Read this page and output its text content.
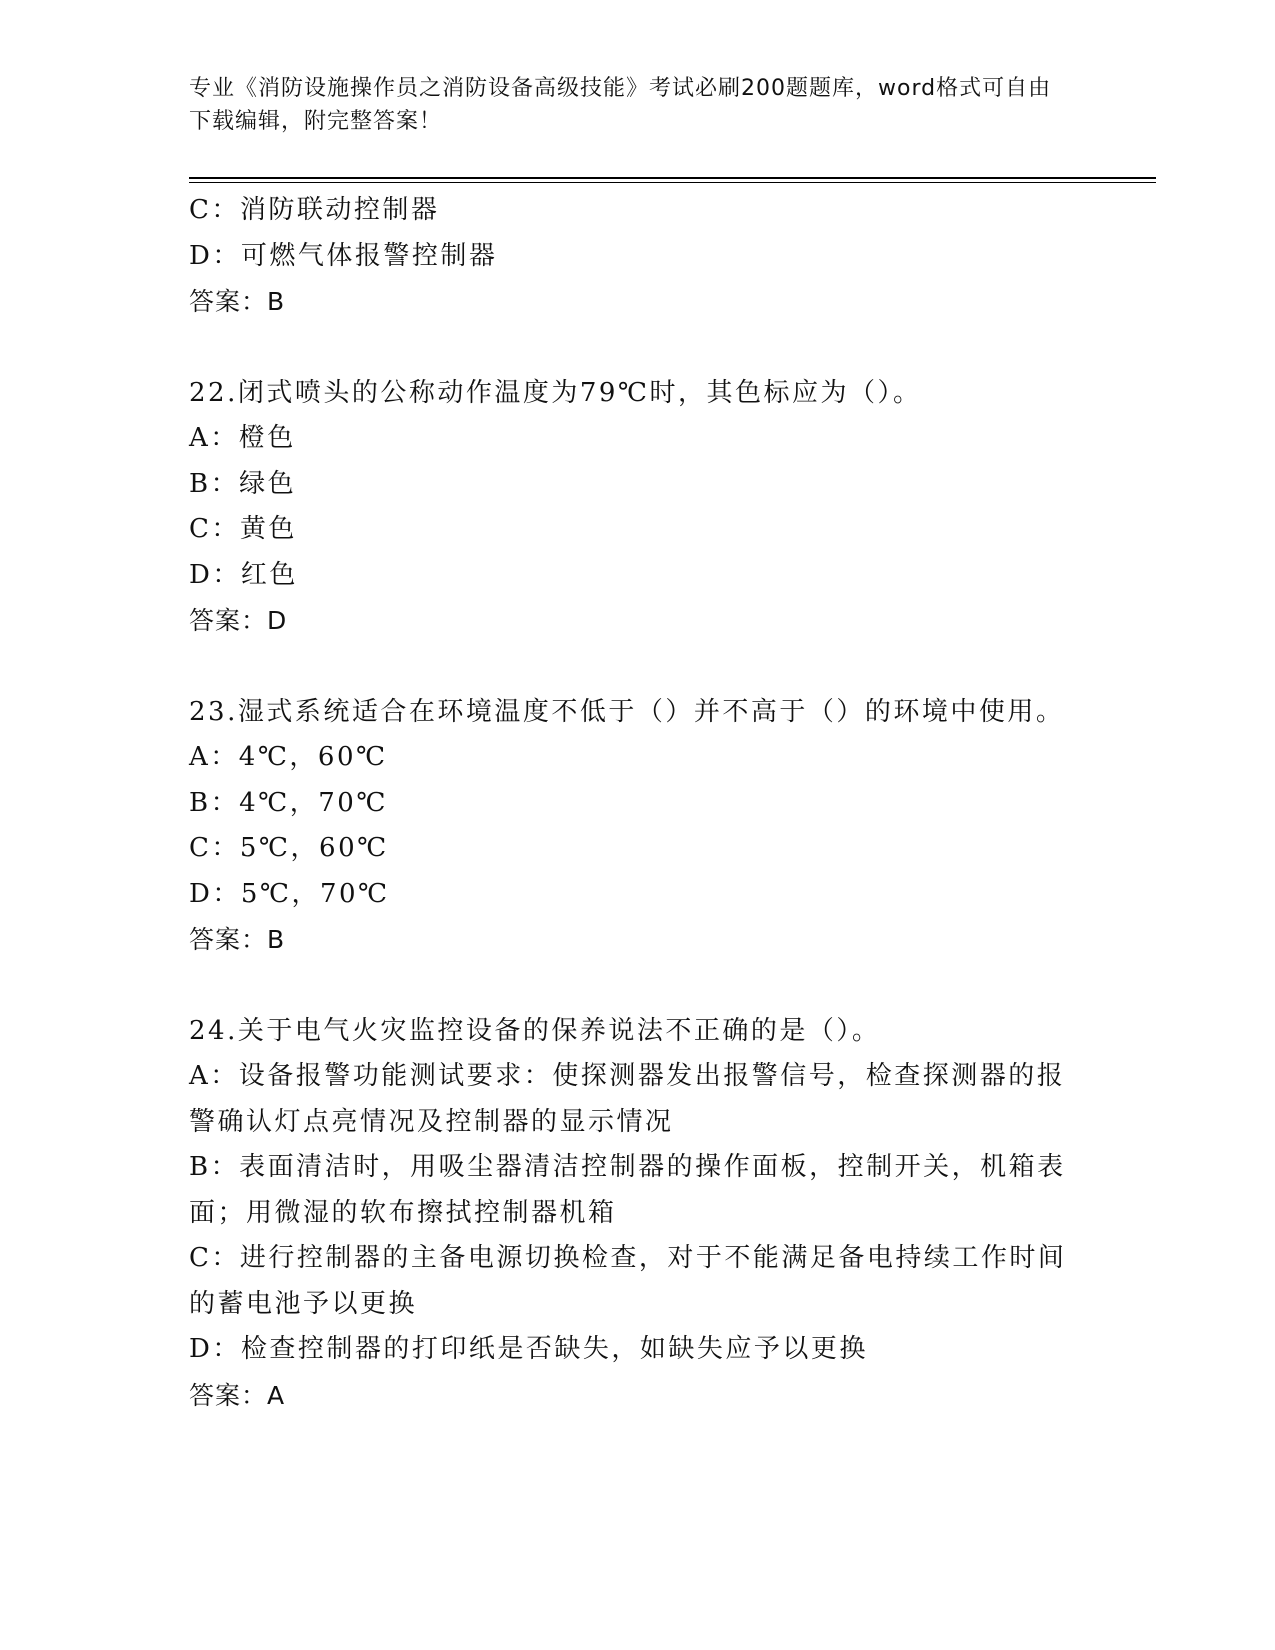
专业《消防设施操作员之消防设备高级技能》考试必刷200题题库，word格式可自由下载编辑，附完整答案！

C：消防联动控制器

D：可燃气体报警控制器

答案：B

22.闭式喷头的公称动作温度为79℃时，其色标应为（）。

A：橙色

B：绿色

C：黄色

D：红色

答案：D

23.湿式系统适合在环境温度不低于（）并不高于（）的环境中使用。

A：4℃，60℃

B：4℃，70℃

C：5℃，60℃

D：5℃，70℃

答案：B

24.关于电气火灾监控设备的保养说法不正确的是（）。

A：设备报警功能测试要求：使探测器发出报警信号，检查探测器的报警确认灯点亮情况及控制器的显示情况

B：表面清洁时，用吸尘器清洁控制器的操作面板，控制开关，机箱表面；用微湿的软布擦拭控制器机箱

C：进行控制器的主备电源切换检查，对于不能满足备电持续工作时间的蓄电池予以更换

D：检查控制器的打印纸是否缺失，如缺失应予以更换

答案：A
